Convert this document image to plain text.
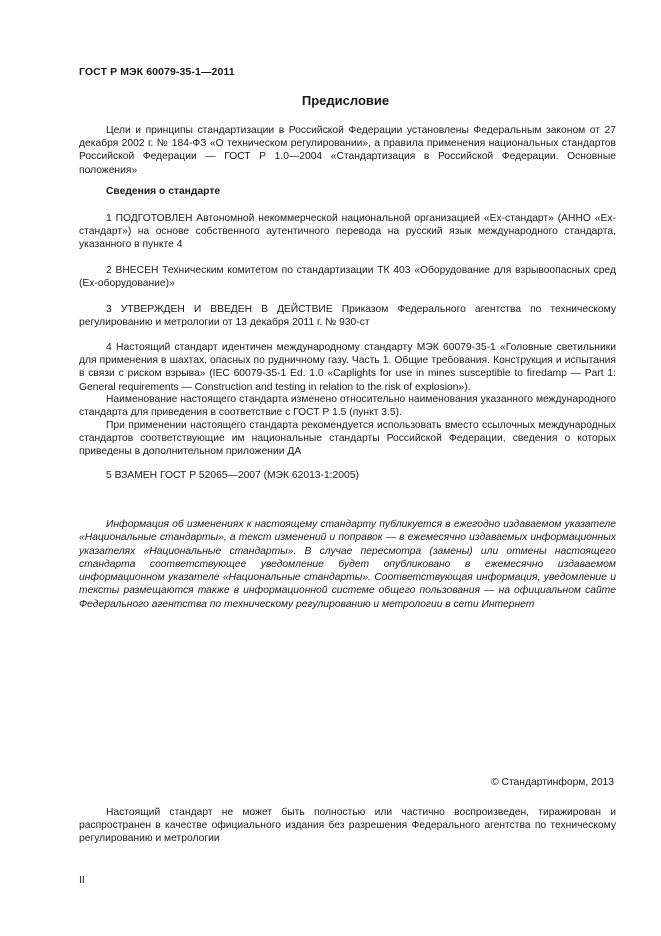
ГОСТ Р МЭК 60079-35-1—2011
Предисловие
Цели и принципы стандартизации в Российской Федерации установлены Федеральным законом от 27 декабря 2002 г. № 184-ФЗ «О техническом регулировании», а правила применения национальных стандартов Российской Федерации — ГОСТ Р 1.0—2004 «Стандартизация в Российской Федерации. Основные положения»
Сведения о стандарте
1 ПОДГОТОВЛЕН Автономной некоммерческой национальной организацией «Ех-стандарт» (АННО «Ех-стандарт») на основе собственного аутентичного перевода на русский язык международного стандарта, указанного в пункте 4
2 ВНЕСЕН Техническим комитетом по стандартизации ТК 403 «Оборудование для взрывоопасных сред (Ех-оборудование)»
3 УТВЕРЖДЕН И ВВЕДЕН В ДЕЙСТВИЕ Приказом Федерального агентства по техническому регулированию и метрологии от 13 декабря 2011 г. № 930-ст
4 Настоящий стандарт идентичен международному стандарту МЭК 60079-35-1 «Головные светильники для применения в шахтах, опасных по рудничному газу. Часть 1. Общие требования. Конструкция и испытания в связи с риском взрыва» (IEC 60079-35-1 Ed. 1.0 «Caplights for use in mines susceptible to firedamp — Part 1: General requirements — Construction and testing in relation to the risk of explosion»).
Наименование настоящего стандарта изменено относительно наименования указанного международного стандарта для приведения в соответствие с ГОСТ Р 1.5 (пункт 3.5).
При применении настоящего стандарта рекомендуется использовать вместо ссылочных международных стандартов соответствующие им национальные стандарты Российской Федерации, сведения о которых приведены в дополнительном приложении ДА
5 ВЗАМЕН ГОСТ Р 52065—2007 (МЭК 62013-1:2005)
Информация об изменениях к настоящему стандарту публикуется в ежегодно издаваемом указателе «Национальные стандарты», а текст изменений и поправок — в ежемесячно издаваемых информационных указателях «Национальные стандарты». В случае пересмотра (замены) или отмены настоящего стандарта соответствующее уведомление будет опубликовано в ежемесячно издаваемом информационном указателе «Национальные стандарты». Соответствующая информация, уведомление и тексты размещаются также в информационной системе общего пользования — на официальном сайте Федерального агентства по техническому регулированию и метрологии в сети Интернет
© Стандартинформ, 2013
Настоящий стандарт не может быть полностью или частично воспроизведен, тиражирован и распространен в качестве официального издания без разрешения Федерального агентства по техническому регулированию и метрологии
II
